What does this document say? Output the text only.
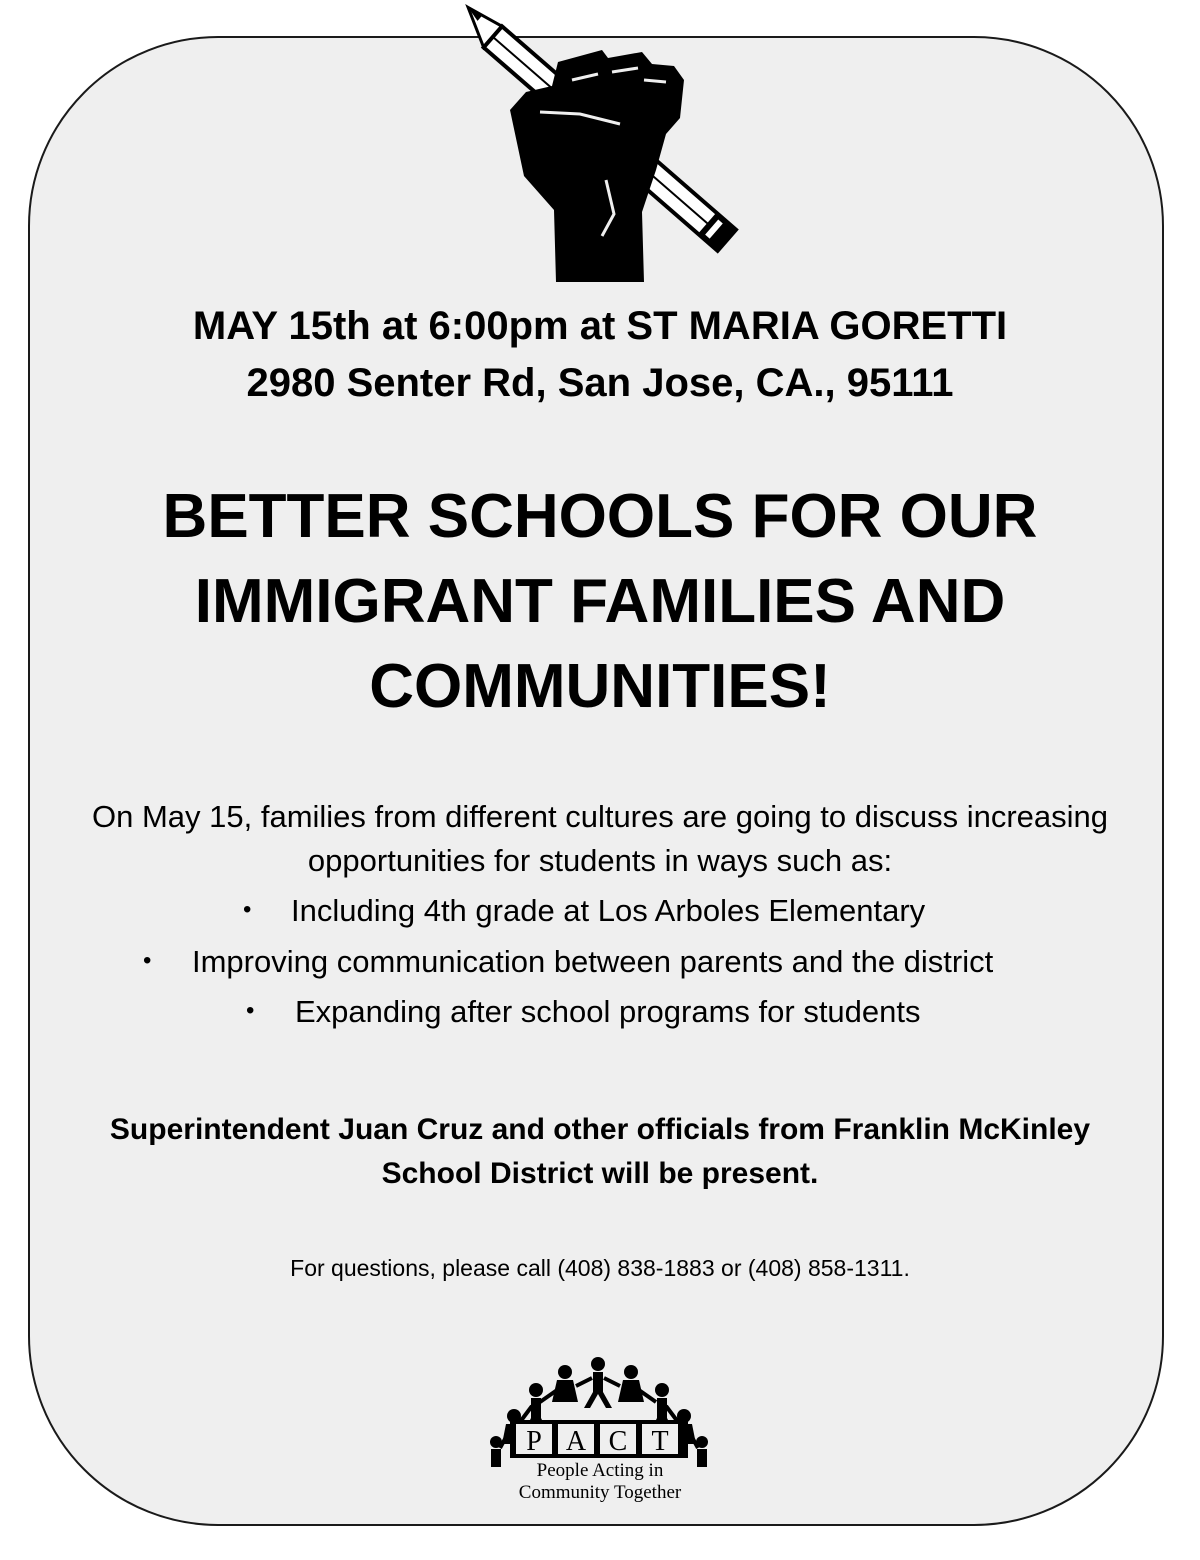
MAY 15th at 6:00pm at ST MARIA GORETTI
2980 Senter Rd, San Jose, CA., 95111
BETTER SCHOOLS FOR OUR
IMMIGRANT FAMILIES AND
COMMUNITIES!
On May 15, families from different cultures are going to discuss increasing
opportunities for students in ways such as:
• Including 4th grade at Los Arboles Elementary
• Improving communication between parents and the district
• Expanding after school programs for students
Superintendent Juan Cruz and other officials from Franklin McKinley
School District will be present.
For questions, please call (408) 838-1883 or (408) 858-1311.
P A C T
People Acting in
Community Together
